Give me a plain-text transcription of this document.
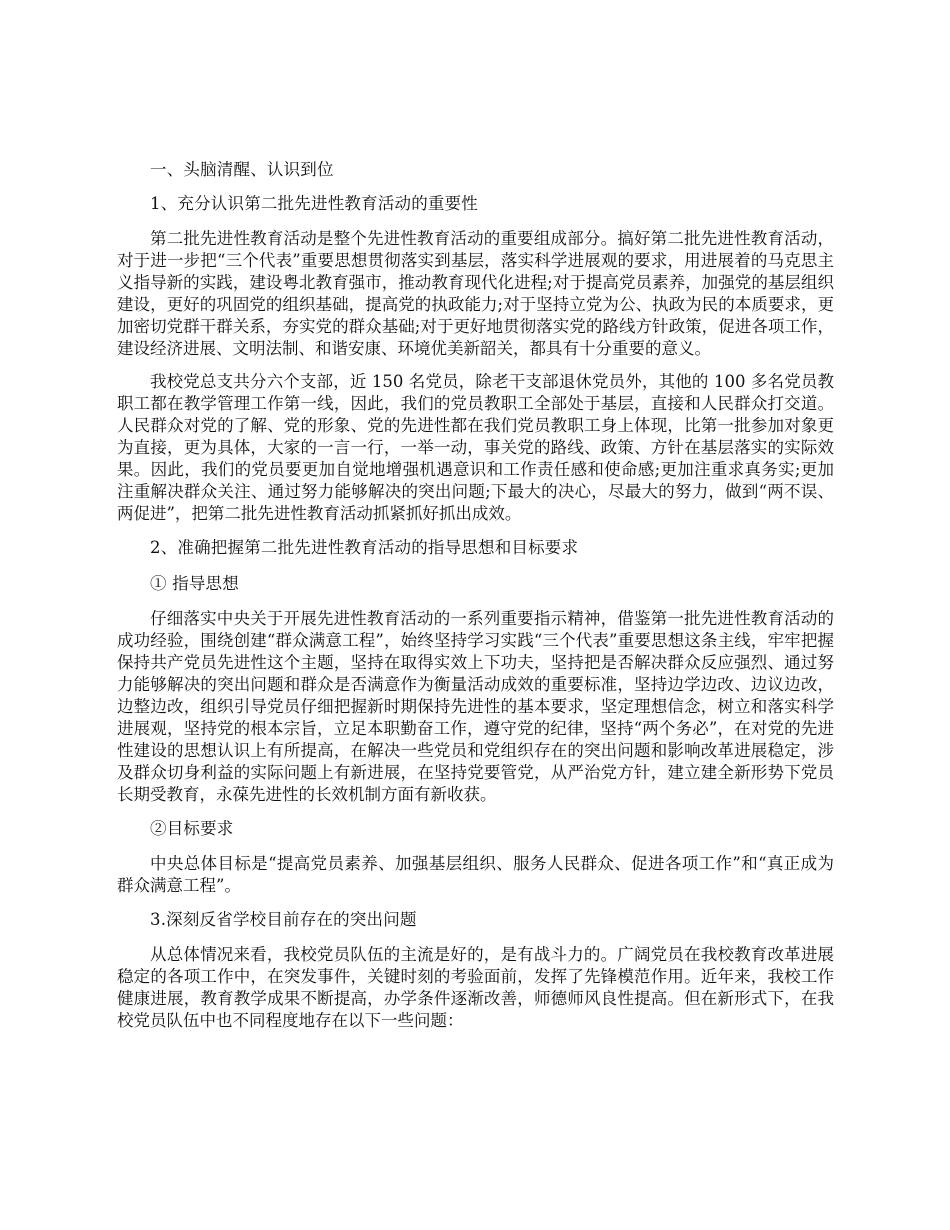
一、头脑清醒、认识到位
1、充分认识第二批先进性教育活动的重要性

第二批先进性教育活动是整个先进性教育活动的重要组成部分。搞好第二批先进性教育活动，对于进一步把“三个代表”重要思想贯彻落实到基层，落实科学进展观的要求，用进展着的马克思主义指导新的实践，建设粤北教育强市，推动教育现代化进程;对于提高党员素养，加强党的基层组织建设，更好的巩固党的组织基础，提高党的执政能力;对于坚持立党为公、执政为民的本质要求，更加密切党群干群关系，夯实党的群众基础;对于更好地贯彻落实党的路线方针政策，促进各项工作，建设经济进展、文明法制、和谐安康、环境优美新韶关，都具有十分重要的意义。

我校党总支共分六个支部，近 150 名党员，除老干支部退休党员外，其他的 100 多名党员教职工都在教学管理工作第一线，因此，我们的党员教职工全部处于基层，直接和人民群众打交道。人民群众对党的了解、党的形象、党的先进性都在我们党员教职工身上体现，比第一批参加对象更为直接，更为具体，大家的一言一行，一举一动，事关党的路线、政策、方针在基层落实的实际效果。因此，我们的党员要更加自觉地增强机遇意识和工作责任感和使命感;更加注重求真务实;更加注重解决群众关注、通过努力能够解决的突出问题;下最大的决心，尽最大的努力，做到“两不误、两促进”，把第二批先进性教育活动抓紧抓好抓出成效。

2、准确把握第二批先进性教育活动的指导思想和目标要求
① 指导思想

仔细落实中央关于开展先进性教育活动的一系列重要指示精神，借鉴第一批先进性教育活动的成功经验，围绕创建“群众满意工程”，始终坚持学习实践“三个代表”重要思想这条主线，牢牢把握保持共产党员先进性这个主题，坚持在取得实效上下功夫，坚持把是否解决群众反应强烈、通过努力能够解决的突出问题和群众是否满意作为衡量活动成效的重要标准，坚持边学边改、边议边改，边整边改，组织引导党员仔细把握新时期保持先进性的基本要求，坚定理想信念，树立和落实科学进展观，坚持党的根本宗旨，立足本职勤奋工作，遵守党的纪律，坚持“两个务必”，在对党的先进性建设的思想认识上有所提高，在解决一些党员和党组织存在的突出问题和影响改革进展稳定，涉及群众切身利益的实际问题上有新进展，在坚持党要管党，从严治党方针，建立建全新形势下党员长期受教育，永葆先进性的长效机制方面有新收获。

②目标要求

中央总体目标是“提高党员素养、加强基层组织、服务人民群众、促进各项工作”和“真正成为群众满意工程”。

3.深刻反省学校目前存在的突出问题

从总体情况来看，我校党员队伍的主流是好的，是有战斗力的。广阔党员在我校教育改革进展稳定的各项工作中，在突发事件，关键时刻的考验面前，发挥了先锋模范作用。近年来，我校工作健康进展，教育教学成果不断提高，办学条件逐渐改善，师德师风良性提高。但在新形式下，在我校党员队伍中也不同程度地存在以下一些问题：
